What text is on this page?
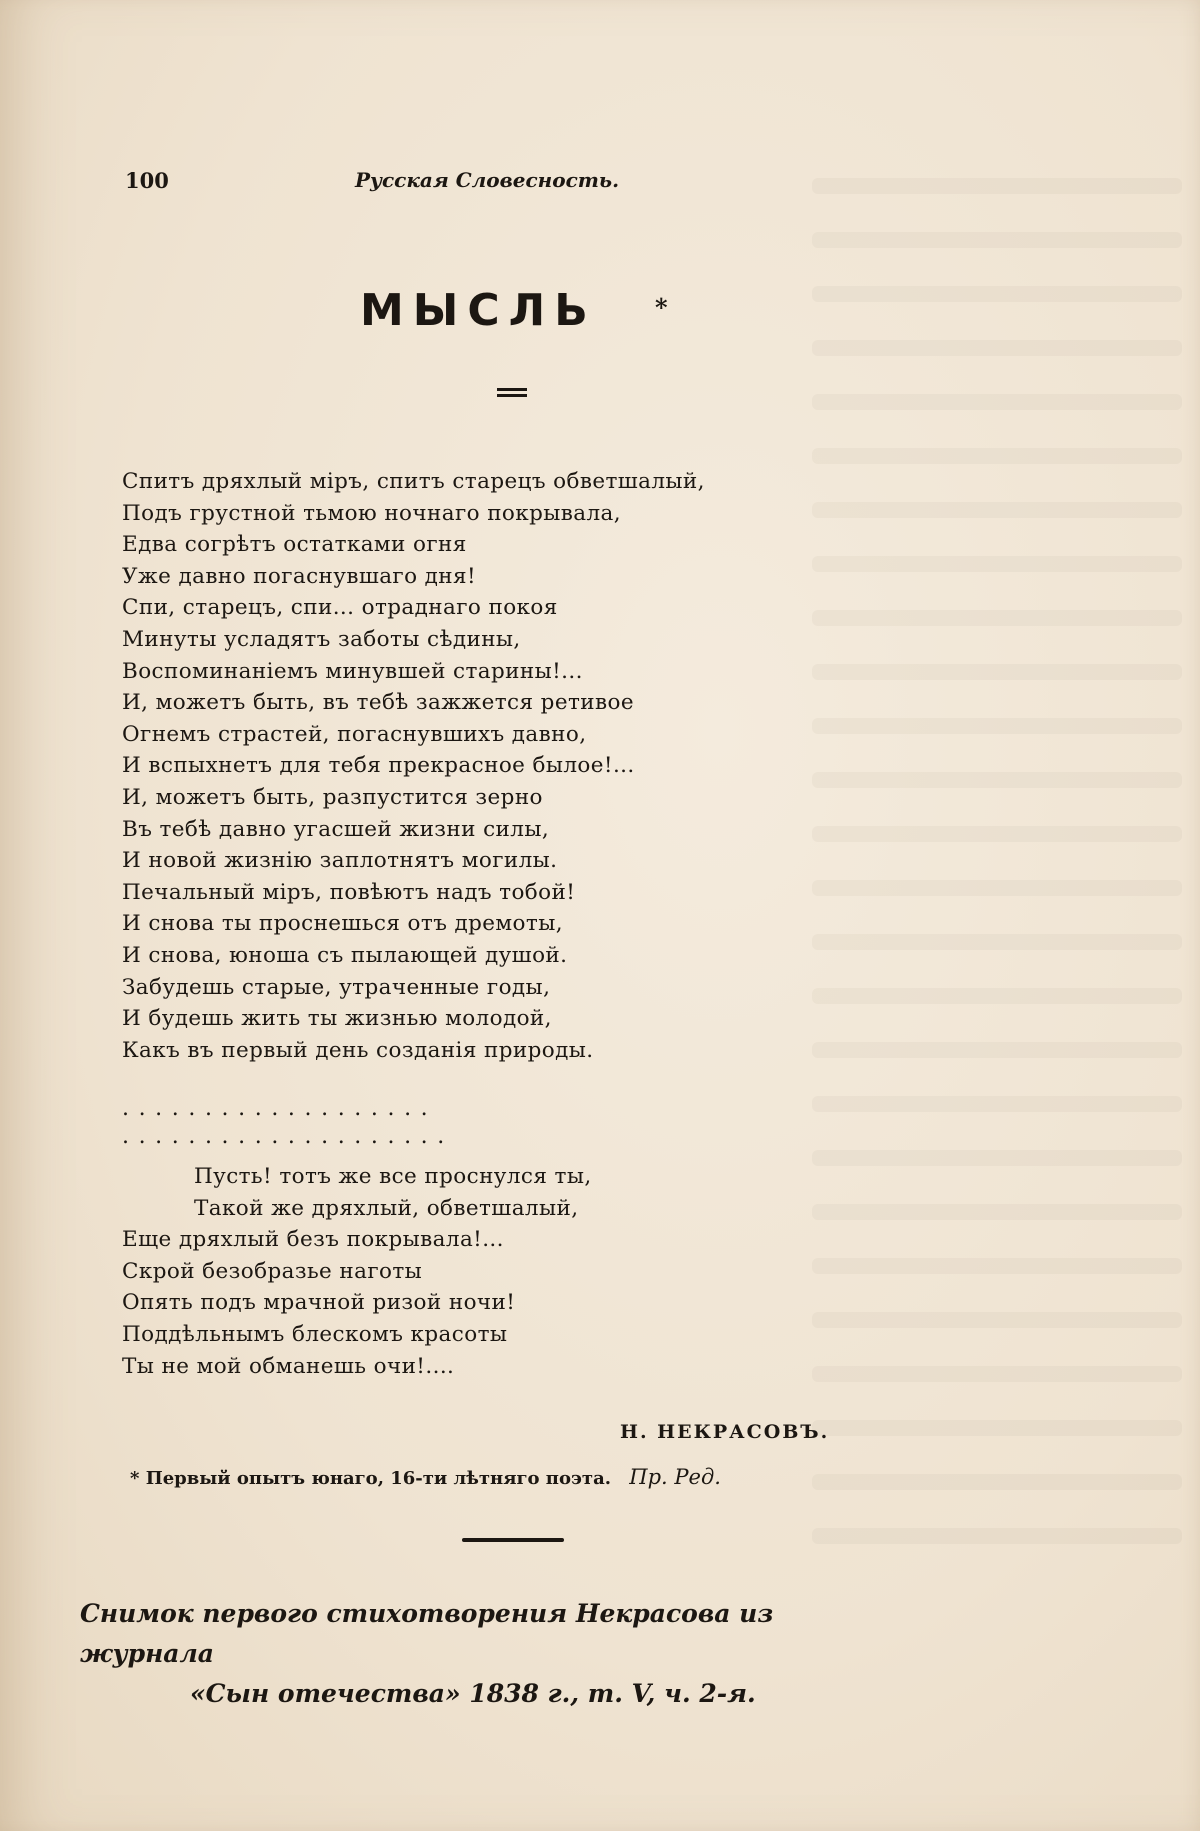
100	Русская Словесность.
МЫСЛЬ *
Спитъ дряхлый міръ, спитъ старецъ обветшалый,
Подъ грустной тьмою ночнаго покрывала,
Едва согрѣтъ остатками огня
Уже давно погаснувшаго дня!
Спи, старецъ, спи... отраднаго покоя
Минуты усладятъ заботы сѣдины,
Воспоминаніемъ минувшей старины!...
И, можетъ быть, въ тебѣ зажжется ретивое
Огнемъ страстей, погаснувшихъ давно,
И вспыхнетъ для тебя прекрасное былое!...
И, можетъ быть, разпустится зерно
Въ тебѣ давно угасшей жизни силы,
И новой жизнію заплотнятъ могилы.
Печальный міръ, повѣютъ надъ тобой!
И снова ты проснешься отъ дремоты,
И снова, юноша съ пылающей душой.
Забудешь старые, утраченные годы,
И будешь жить ты жизнью молодой,
Какъ въ первый день созданія природы.
...................
....................
Пусть! тотъ же все проснулся ты,
Такой же дряхлый, обветшалый,
Еще дряхлый безъ покрывала!...
Скрой безобразье наготы
Опять подъ мрачной ризой ночи!
Поддѣльнымъ блескомъ красоты
Ты не мой обманешь очи!....
Н. НЕКРАСОВЪ.
* Первый опытъ юнаго, 16-ти лѣтняго поэта. Пр. Ред.
Снимок первого стихотворения Некрасова из журнала
«Сын отечества» 1838 г., т. V, ч. 2-я.
